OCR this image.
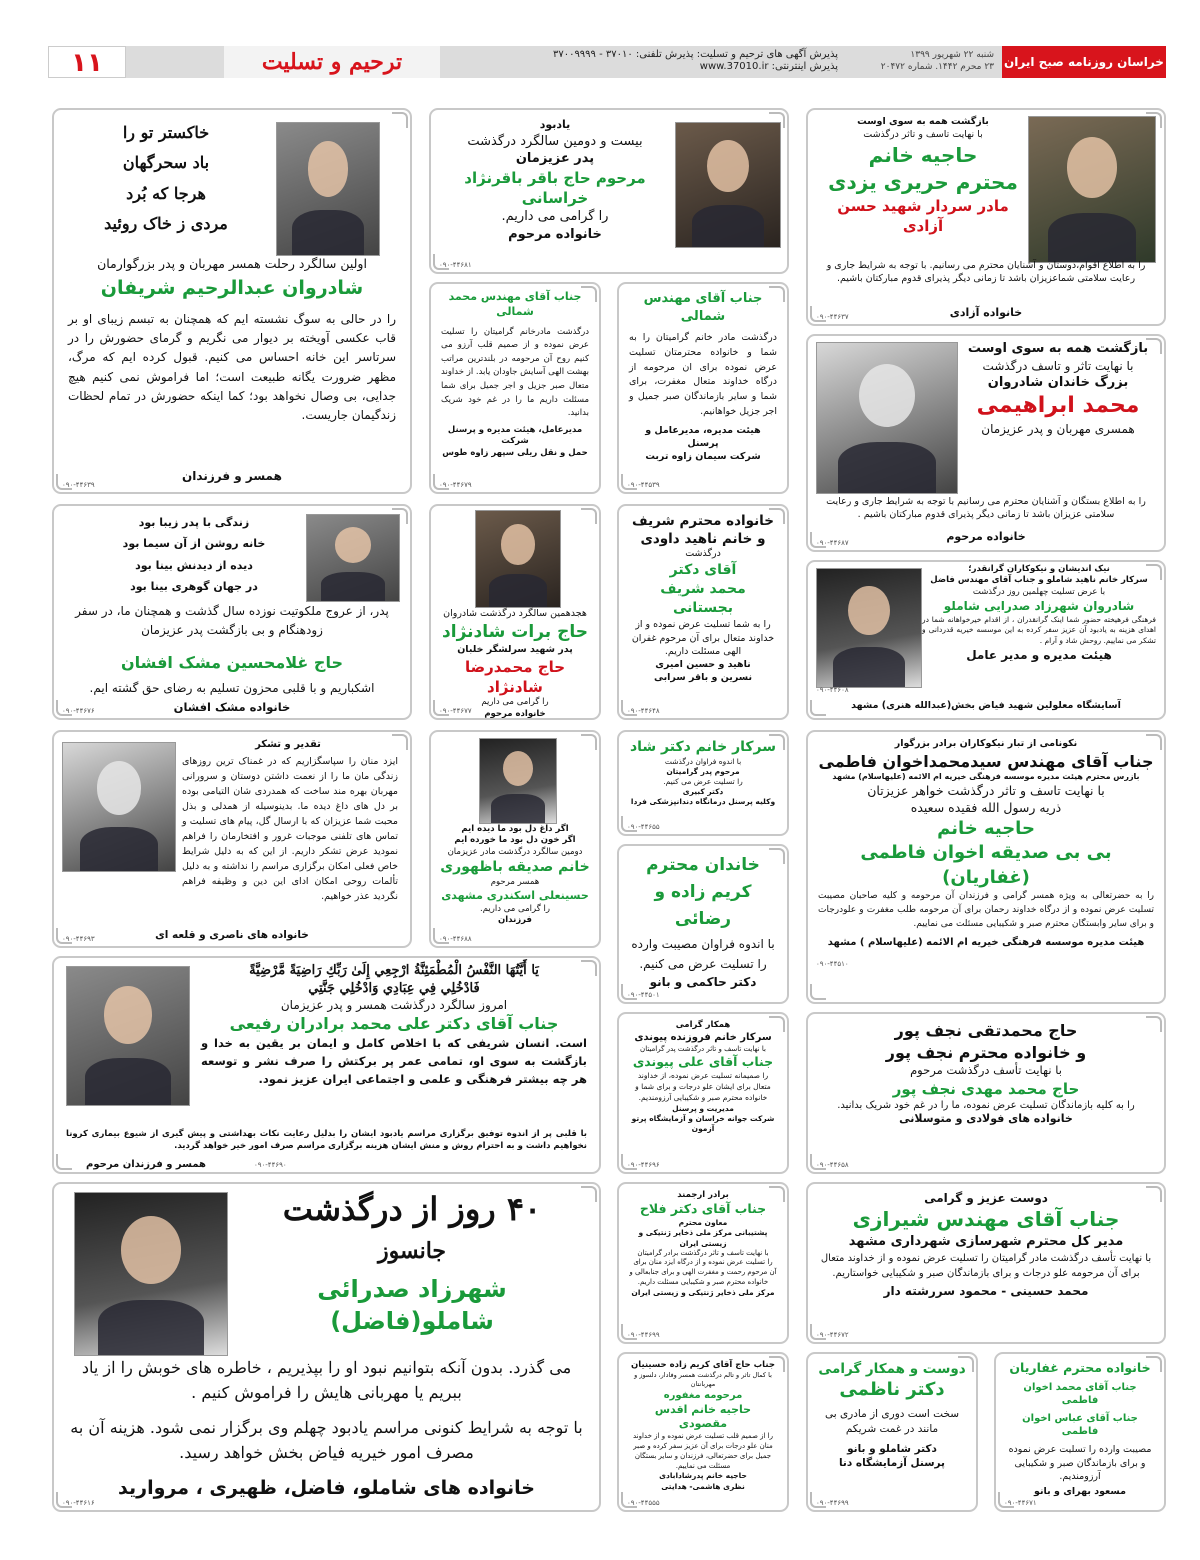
خراسان روزنامه صبح ایران
شنبه ۲۲ شهریور ۱۳۹۹
۲۳ محرم ۱۴۴۲. شماره ۲۰۴۷۲
پذیرش آگهی های ترحیم و تسلیت: پذیرش تلفنی: ۳۷۰۱۰ - ۳۷۰۰۹۹۹۹
پذیرش اینترنتی: www.37010.ir
ترحیم و تسلیت
۱۱

بازگشت همه به سوی اوست

با نهایت تاسف و تاثر درگذشت

حاجیه خانم

محترم حریری یزدی

مادر سردار شهید حسن آزادی

را به اطلاع اقوام،دوستان و آشنایان محترم می رسانیم. با توجه به شرایط جاری و رعایت سلامتی شماعزیزان باشد تا زمانی دیگر پذیرای قدوم مبارکتان باشیم.

خانواده آزادی

۰۹۰-۴۴۶۳۷

یادبود

بیست و دومین سالگرد درگذشت

پدر عزیزمان

مرحوم حاج باقر باقرنژاد خراسانی

را گرامی می داریم.

خانواده مرحوم

۰۹۰-۴۴۶۸۱

خاکستر تو را

باد سحرگهان

هرجا که بُرد

مردی ز خاک روئید

اولین سالگرد رحلت همسر مهربان و پدر بزرگوارمان

شادروان عبدالرحیم شریفان

را در حالی به سوگ نشسته ایم که همچنان به تبسم زیبای او بر قاب عکسی آویخته بر دیوار می نگریم و گرمای حضورش را در سرتاسر این خانه احساس می کنیم. قبول کرده ایم که مرگ، مظهر ضرورت یگانه طبیعت است؛ اما فراموش نمی کنیم هیچ جدایی، بی وصال نخواهد بود؛ کما اینکه حضورش در تمام لحظات زندگیمان جاریست.

همسر و فرزندان

۰۹۰-۴۴۶۳۹

بازگشت همه به سوی اوست

با نهایت تاثر و تاسف درگذشت

بزرگ خاندان شادروان

محمد ابراهیمی

همسری مهربان و پدر عزیزمان

را به اطلاع بستگان و آشنایان محترم می رسانیم با توجه به شرایط جاری و رعایت سلامتی عزیزان باشد تا زمانی دیگر پذیرای قدوم مبارکتان باشیم .

خانواده مرحوم

۰۹۰-۴۴۶۸۷

جناب آقای مهندس شمالی

درگذشت مادر خانم گرامیتان را به شما و خانواده محترمتان تسلیت عرض نموده برای ان مرحومه از درگاه خداوند متعال مغفرت، برای شما و سایر بازماندگان صبر جمیل و اجر جزیل خواهانیم.

هیئت مدیره، مدیرعامل و پرسنل

شرکت سیمان زاوه تربت

۰۹۰-۴۴۵۳۹

جناب آقای مهندس محمد شمالی

درگذشت مادرخانم گرامیتان را تسلیت عرض نموده و از صمیم قلب آرزو می کنیم روح آن مرحومه در بلندترین مراتب بهشت الهی آسایش جاودان یابد. از خداوند متعال صبر جزیل و اجر جمیل برای شما مسئلت داریم ما را در غم خود شریک بدانید.

مدیرعامل، هیئت مدیره و پرسنل شرکت

حمل و نقل ریلی سپهر زاوه طوس

۰۹۰-۴۴۶۷۹

زندگی با پدر زیبا بود

خانه روشن از آن سیما بود

دیده از دیدنش بینا بود

در جهان گوهری بینا بود

پدر، از عروج ملکوتیت نوزده سال گذشت و همچنان ما، در سفر زودهنگام و بی بازگشت پدر عزیزمان

حاج غلامحسین مشک افشان

اشکباریم و با قلبی محزون تسلیم به رضای حق گشته ایم.

خانواده مشک افشان

۰۹۰-۴۴۶۷۶

هجدهمین سالگرد درگذشت شادروان

حاج برات شادنژاد

پدر شهید سرلشگر خلبان

حاج محمدرضا شادنژاد

را گرامی می داریم

خانواده مرحوم

۰۹۰-۴۴۶۷۷

خانواده محترم شریف

و خانم ناهید داودی

درگذشت

آقای دکتر

محمد شریف بجستانی

را به شما تسلیت عرض نموده و از خداوند متعال برای آن مرحوم غفران الهی مسئلت داریم.

ناهید و حسین امیری

نسرین و باقر سرابی

۰۹۰-۴۴۶۴۸

نیک اندیشان و نیکوکاران گرانقدر؛

سرکار خانم ناهید شاملو و جناب آقای مهندس فاضل

با عرض تسلیت چهلمین روز درگذشت

شادروان شهرزاد صدرایی شاملو

فرهنگی فرهیخته حضور شما اینک گرانقدران ، از اقدام خیرخواهانه شما در اهدای هزینه به یادبود آن عزیز سفر کرده به این موسسه خیریه قدردانی و تشکر می نماییم. روحش شاد و آرام .

هیئت مدیره و مدیر عامل

آسایشگاه معلولین شهید فیاض بخش(عبدالله هنری) مشهد

۰۹۰-۴۴۶۰۸

تقدیر و تشکر

ایزد منان را سپاسگزاریم که در غمناک ترین روزهای زندگی مان ما را از نعمت داشتن دوستان و سرورانی مهربان بهره مند ساخت که همدردی شان التیامی بوده بر دل های داغ دیده ما. بدینوسیله از همدلی و بذل محبت شما عزیزان که با ارسال گل، پیام های تسلیت و تماس های تلفنی موجبات غرور و افتخارمان را فراهم نمودید عرض تشکر داریم. از این که به دلیل شرایط خاص فعلی امکان برگزاری مراسم را نداشته و به دلیل تألمات روحی امکان ادای این دین و وظیفه فراهم نگردید عذر خواهیم.

خانواده های ناصری و قلعه ای

۰۹۰-۴۴۶۹۳

اگر داغ دل بود ما دیده ایم

اگر خون دل بود ما خورده ایم

دومین سالگرد درگذشت مادر عزیزمان

خانم صدیقه باظهوری

همسر مرحوم

حسینعلی اسکندری مشهدی

را گرامی می داریم.

فرزندان

۰۹۰-۴۴۶۸۸

سرکار خانم دکتر شاد

با اندوه فراوان درگذشت

مرحوم پدر گرامیتان

را تسلیت عرض می کنیم.

دکتر کبیری

وکلیه پرسنل درمانگاه دندانپزشکی فردا

۰۹۰-۴۴۶۵۵

خاندان محترم

کریم زاده و رضائی

با اندوه فراوان مصیبت وارده را تسلیت عرض می کنیم.

دکتر حاکمی و بانو

۰۹۰-۴۴۵۰۱

نکونامی از تبار نیکوکاران برادر بزرگوار

جناب آقای مهندس سیدمحمداخوان فاطمی

بازرس محترم هیئت مدیره موسسه فرهنگی خیریه ام الائمه (علیهاسلام) مشهد

با نهایت تاسف و تاثر درگذشت خواهر عزیزتان

ذریه رسول الله فقیده سعیده

حاجیه خانم

بی بی صدیقه اخوان فاطمی (غفاریان)

را به حضرتعالی به ویژه همسر گرامی و فرزندان آن مرحومه و کلیه صاحبان مصیبت تسلیت عرض نموده و از درگاه خداوند رحمان برای آن مرحومه طلب مغفرت و علودرجات و برای سایر وابستگان محترم صبر و شکیبایی مسئلت می نماییم.

هیئت مدیره موسسه فرهنگی خیریه ام الائمه (علیهاسلام ) مشهد

۰۹۰-۴۴۵۱۰

يَا أَيَّتُهَا النَّفْسُ الْمُطْمَئِنَّةُ ارْجِعِي إِلَىٰ رَبِّكِ رَاضِيَةً مَّرْضِيَّةً

فَادْخُلِي فِي عِبَادِي وَادْخُلِي جَنَّتِي

امروز سالگرد درگذشت همسر و پدر عزیزمان

جناب آقای دکتر علی محمد برادران رفیعی

است. انسان شریفی که با اخلاص کامل و ایمان بر یقین به خدا و بازگشت به سوی او، تمامی عمر پر برکتش را صرف نشر و توسعه هر چه بیشتر فرهنگی و علمی و اجتماعی ایران عزیز نمود.

با قلبی پر از اندوه توفیق برگزاری مراسم یادبود ایشان را بدلیل رعایت نکات بهداشتی و پیش گیری از شیوع بیماری کرونا نخواهیم داشت و به احترام روش و منش ایشان هزینه برگزاری مراسم صرف امور خیر خواهد گردید.

همسر و فرزندان مرحوم	۰۹۰-۴۴۶۹۰

همکار گرامی

سرکار خانم فروزنده پیوندی

با نهایت تاسف و تاثر درگذشت پدر گرامیتان

جناب آقای علی پیوندی

را صمیمانه تسلیت عرض نموده، از خداوند متعال برای ایشان علو درجات و برای شما و خانواده محترم صبر و شکیبایی آرزومندیم.

مدیریت و پرسنل

شرکت جوانه خراسان و آزمایشگاه پرتو آزمون

۰۹۰-۴۴۶۹۶

حاج محمدتقی نجف پور

و خانواده محترم نجف پور

با نهایت تأسف درگذشت مرحوم

حاج محمد مهدی نجف پور

را به کلیه بازماندگان تسلیت عرض نموده، ما را در غم خود شریک بدانید.

خانواده های فولادی و متوسلانی

۰۹۰-۴۴۶۵۸

۴۰ روز از درگذشت

جانسوز

شهرزاد صدرائی شاملو(فاضل)

می گذرد. بدون آنکه بتوانیم نبود او را بپذیریم ، خاطره های خوبش را از یاد ببریم یا مهربانی هایش را فراموش کنیم .

با توجه به شرایط کنونی مراسم یادبود چهلم وی برگزار نمی شود. هزینه آن به مصرف امور خیریه فیاض بخش خواهد رسید.

خانواده های شاملو، فاضل، ظهیری ، مروارید

۰۹۰-۴۴۶۱۶

برادر ارجمند

جناب آقای دکتر فلاح

معاون محترم

پشتیبانی مرکز ملی ذخایر ژنتیکی و زیستی ایران

با نهایت تاسف و تاثر درگذشت برادر گرامیتان

را تسلیت عرض نموده و از درگاه ایزد منان برای آن مرحوم رحمت و مغفرت الهی و برای جنابعالی و خانواده محترم صبر و شکیبایی مسئلت داریم.

مرکز ملی ذخایر ژنتیکی و زیستی ایران

۰۹۰-۴۴۶۹۹

دوست عزیز و گرامی

جناب آقای مهندس شیرازی

مدیر کل محترم شهرسازی شهرداری مشهد

با نهایت تأسف درگذشت مادر گرامیتان را تسلیت عرض نموده و از خداوند متعال برای آن مرحومه علو درجات و برای بازماندگان صبر و شکیبایی خواستاریم.

محمد حسینی - محمود سررشته دار

۰۹۰-۴۴۶۷۲

جناب حاج آقای کریم زاده حسینیان

با کمال تاثر و تالم درگذشت همسر وفادار، دلسوز و مهربانتان

مرحومه مغفوره

حاجیه خانم اقدس مقصودی

را از صمیم قلب تسلیت عرض نموده و از خداوند منان علو درجات برای آن عزیز سفر کرده و صبر جمیل برای حضرتعالی، فرزندان و سایر بستگان مسئلت می نماییم.

حاجیه خانم پدرشادابادی

نظری هاشمی- هدایتی

۰۹۰-۴۴۵۵۵

دوست و همکار گرامی

دکتر ناظمی

سخت است دوری از مادری بی مانند در غمت شریکم

دکتر شاملو و بانو

پرسنل آزمایشگاه دنا

۰۹۰-۴۴۶۹۹

خانواده محترم غفاریان

جناب آقای محمد اخوان فاطمی

جناب آقای عباس اخوان فاطمی

مصیبت وارده را تسلیت عرض نموده و برای بازماندگان صبر و شکیبایی آرزومندیم.

مسعود بهرای و بانو

۰۹۰-۴۴۶۷۱
